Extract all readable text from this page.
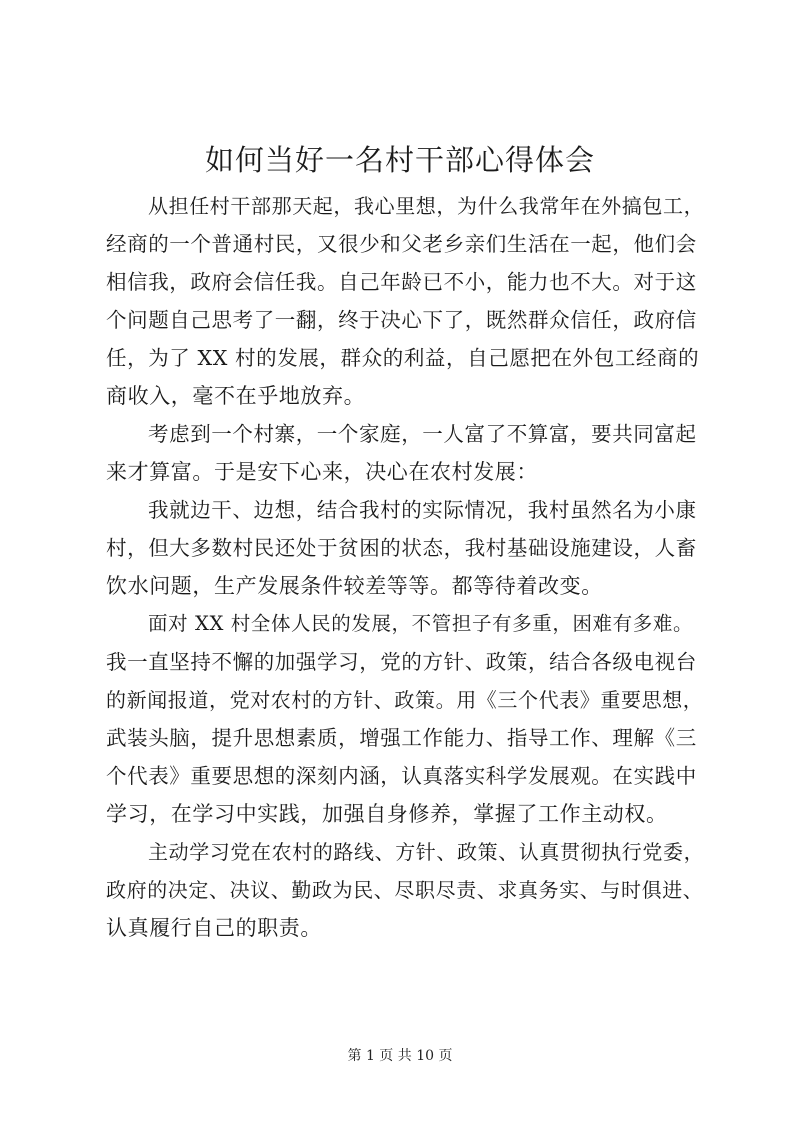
如何当好一名村干部心得体会
从担任村干部那天起，我心里想，为什么我常年在外搞包工，
经商的一个普通村民，又很少和父老乡亲们生活在一起，他们会
相信我，政府会信任我。自己年龄已不小，能力也不大。对于这
个问题自己思考了一翻，终于决心下了，既然群众信任，政府信
任，为了 XX 村的发展，群众的利益，自己愿把在外包工经商的
商收入，毫不在乎地放弃。
考虑到一个村寨，一个家庭，一人富了不算富，要共同富起
来才算富。于是安下心来，决心在农村发展：
我就边干、边想，结合我村的实际情况，我村虽然名为小康
村，但大多数村民还处于贫困的状态，我村基础设施建设，人畜
饮水问题，生产发展条件较差等等。都等待着改变。
面对 XX 村全体人民的发展，不管担子有多重，困难有多难。
我一直坚持不懈的加强学习，党的方针、政策，结合各级电视台
的新闻报道，党对农村的方针、政策。用《三个代表》重要思想，
武装头脑，提升思想素质，增强工作能力、指导工作、理解《三
个代表》重要思想的深刻内涵，认真落实科学发展观。在实践中
学习，在学习中实践，加强自身修养，掌握了工作主动权。
主动学习党在农村的路线、方针、政策、认真贯彻执行党委，
政府的决定、决议、勤政为民、尽职尽责、求真务实、与时俱进、
认真履行自己的职责。
第 1 页 共 10 页
